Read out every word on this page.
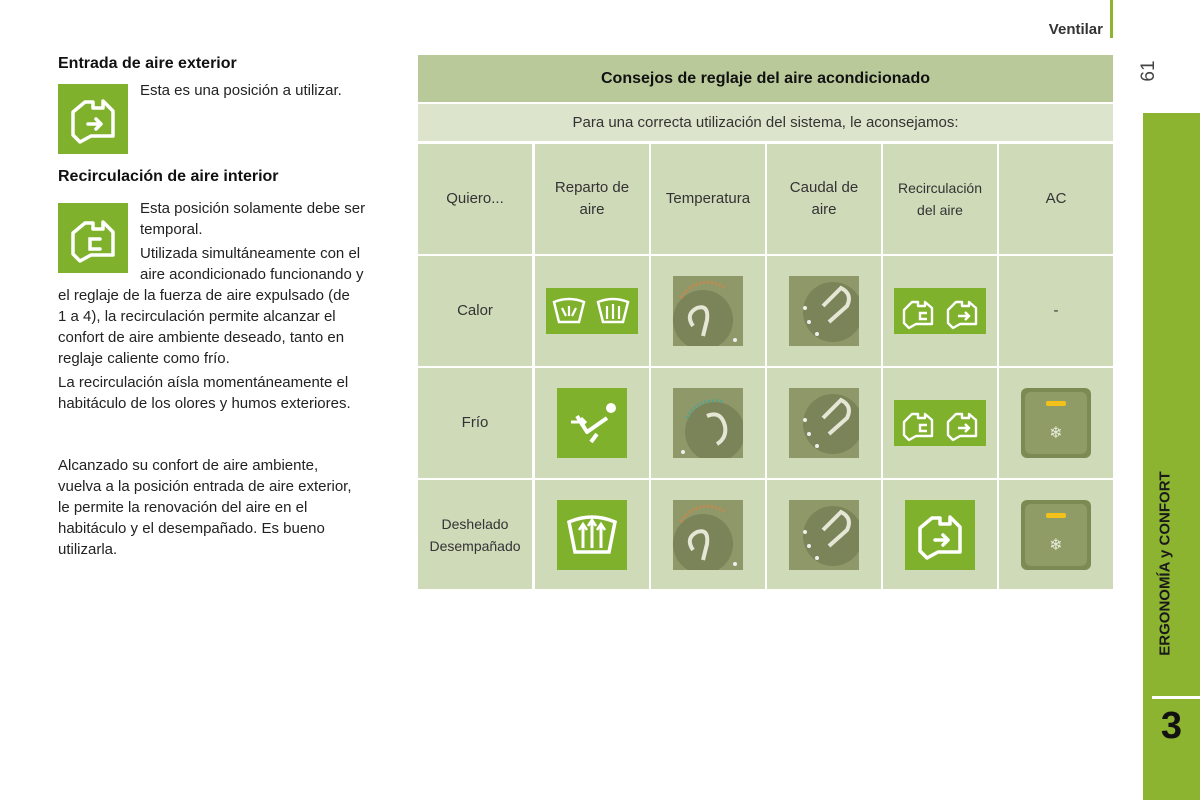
Ventilar
61
ERGONOMÍA y CONFORT
3
Entrada de aire exterior
Esta es una posición a utilizar.
Recirculación de aire interior
Esta posición solamente debe ser
temporal.
Utilizada simultáneamente con el
aire acondicionado funcionando y
el reglaje de la fuerza de aire expulsado (de
1 a 4), la recirculación permite alcanzar el
confort de aire ambiente deseado, tanto en
reglaje caliente como frío.
La recirculación aísla momentáneamente el
habitáculo de los olores y humos exteriores.
Alcanzado su confort de aire ambiente,
vuelva a la posición entrada de aire exterior,
le permite la renovación del aire en el
habitáculo y el desempañado. Es bueno
utilizarla.
Consejos de reglaje del aire acondicionado
Para una correcta utilización del sistema, le aconsejamos:
Quiero...
Reparto de
aire
Temperatura
Caudal de
aire
Recirculación
del aire
AC
Calor	-
Frío
❄
Deshelado
Desempañado	❄
